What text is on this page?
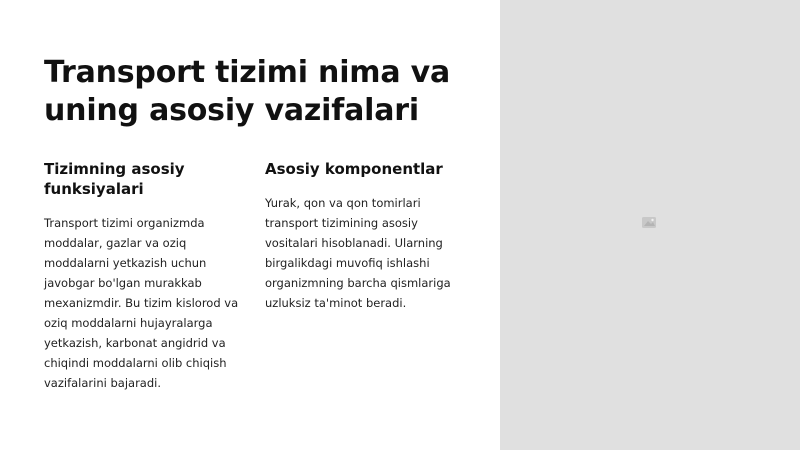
Transport tizimi nima va uning asosiy vazifalari
Tizimning asosiy funksiyalari

Transport tizimi organizmda moddalar, gazlar va oziq moddalarni yetkazish uchun javobgar bo'lgan murakkab mexanizmdir. Bu tizim kislorod va oziq moddalarni hujayralarga yetkazish, karbonat angidrid va chiqindi moddalarni olib chiqish vazifalarini bajaradi.

Asosiy komponentlar

Yurak, qon va qon tomirlari transport tizimining asosiy vositalari hisoblanadi. Ularning birgalikdagi muvofiq ishlashi organizmning barcha qismlariga uzluksiz ta'minot beradi.
